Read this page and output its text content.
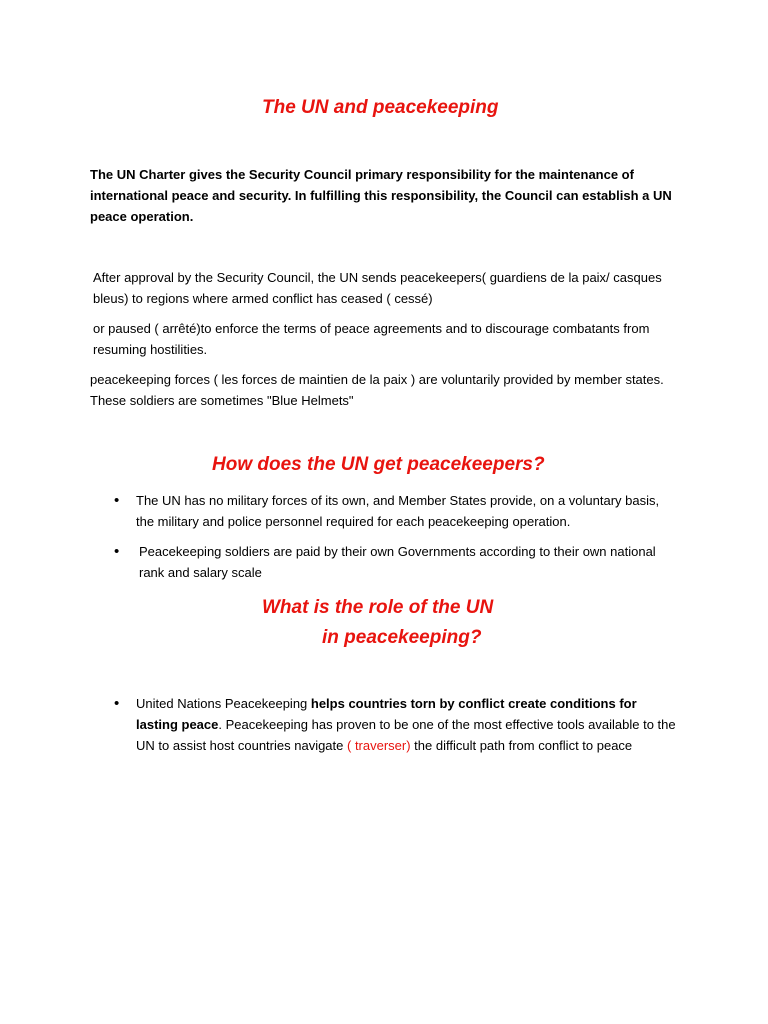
The UN and peacekeeping

The UN Charter gives the Security Council primary responsibility for the maintenance of international peace and security. In fulfilling this responsibility, the Council can establish a UN peace operation.

After approval by the Security Council, the UN sends peacekeepers( guardiens de la paix/ casques bleus) to regions where armed conflict has ceased ( cessé)

or paused ( arrêté)to enforce the terms of peace agreements and to discourage combatants from resuming hostilities.

peacekeeping forces ( les forces de maintien de la paix ) are voluntarily provided by member states. These soldiers are sometimes "Blue Helmets"

How does the UN get peacekeepers?
• The UN has no military forces of its own, and Member States provide, on a voluntary basis, the military and police personnel required for each peacekeeping operation.

• Peacekeeping soldiers are paid by their own Governments according to their own national rank and salary scale

What is the role of the UN
in peacekeeping?
• United Nations Peacekeeping helps countries torn by conflict create conditions for lasting peace. Peacekeeping has proven to be one of the most effective tools available to the UN to assist host countries navigate ( traverser) the difficult path from conflict to peace
